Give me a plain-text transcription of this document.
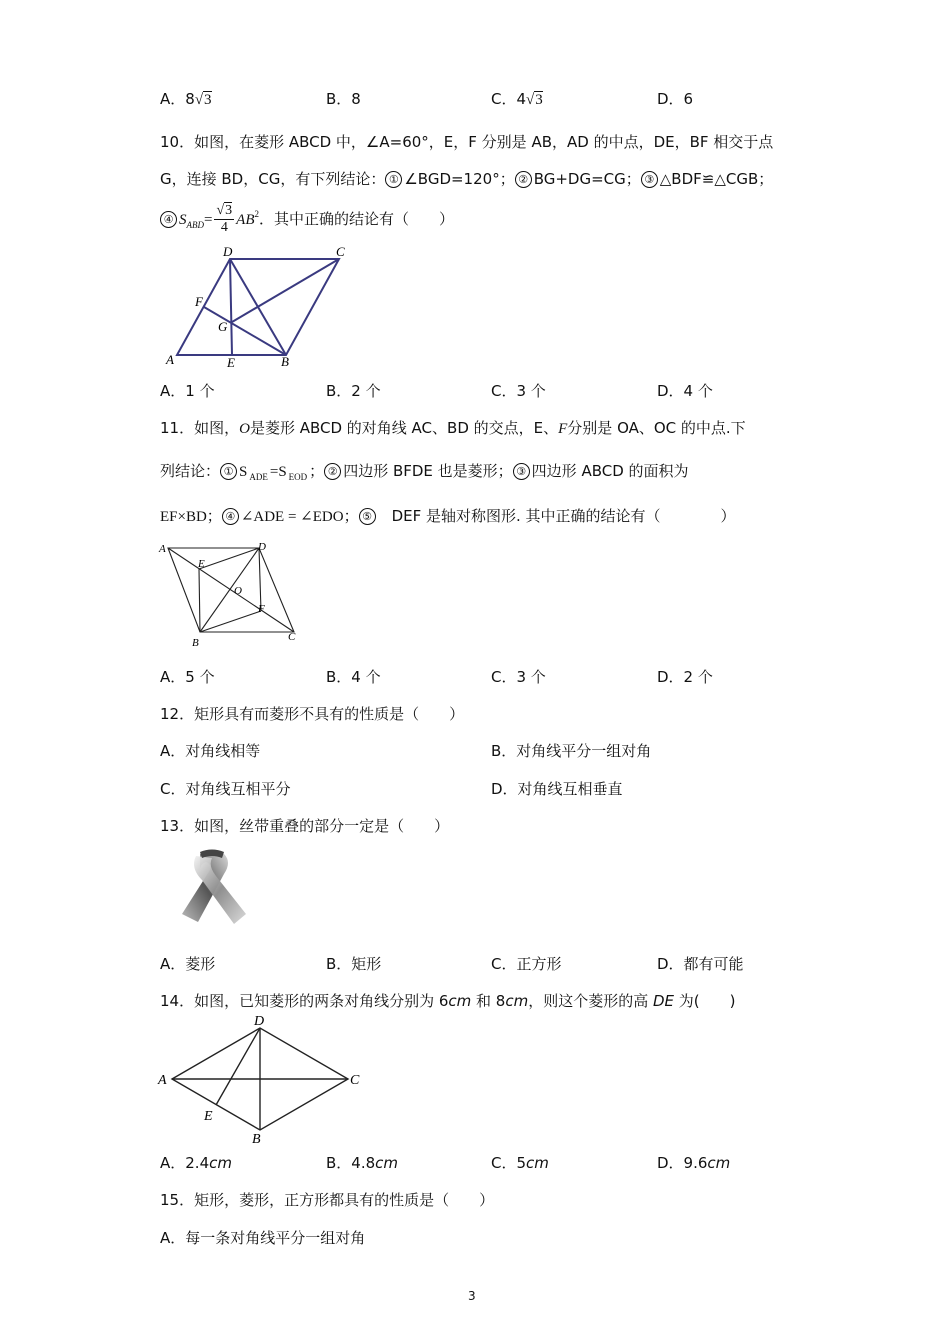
A．8√3	B．8	C．4√3	D．6
10．如图，在菱形 ABCD 中，∠A=60°，E，F 分别是 AB，AD 的中点，DE，BF 相交于点
G，连接 BD，CG，有下列结论： ① ∠BGD=120°； ② BG+DG=CG； ③ △BDF≌△CGB；
④ $S_{ABD}= \frac{√3}{4} AB^2$．其中正确的结论有（　　）
A	B
C
D
E
F
G
A．1 个	B．2 个	C．3 个	D．4 个
11．如图，O是菱形 ABCD 的对角线 AC、BD 的交点，E、F分别是 OA、OC 的中点.下
列结论： ① S $_{ADE}$ =S $_{EOD}$ ； ② 四边形 BFDE 也是菱形； ③ 四边形 ABCD 的面积为
EF×BD； ④ ∠ADE = ∠EDO； ⑤ DEF 是轴对称图形. 其中正确的结论有（　　　　）
A	D
E
O
F
B	C
A．5 个	B．4 个	C．3 个	D．2 个
12．矩形具有而菱形不具有的性质是（　　）
A．对角线相等	B．对角线平分一组对角
C．对角线互相平分	D．对角线互相垂直
13．如图，丝带重叠的部分一定是（　　）
A．菱形	B．矩形	C．正方形	D．都有可能
14．如图，已知菱形的两条对角线分别为 6cm 和 8cm，则这个菱形的高 DE 为(　　)
A
D
C
B
E
A．2.4cm	B．4.8cm	C．5cm	D．9.6cm
15．矩形，菱形，正方形都具有的性质是（　　）
A．每一条对角线平分一组对角
3
